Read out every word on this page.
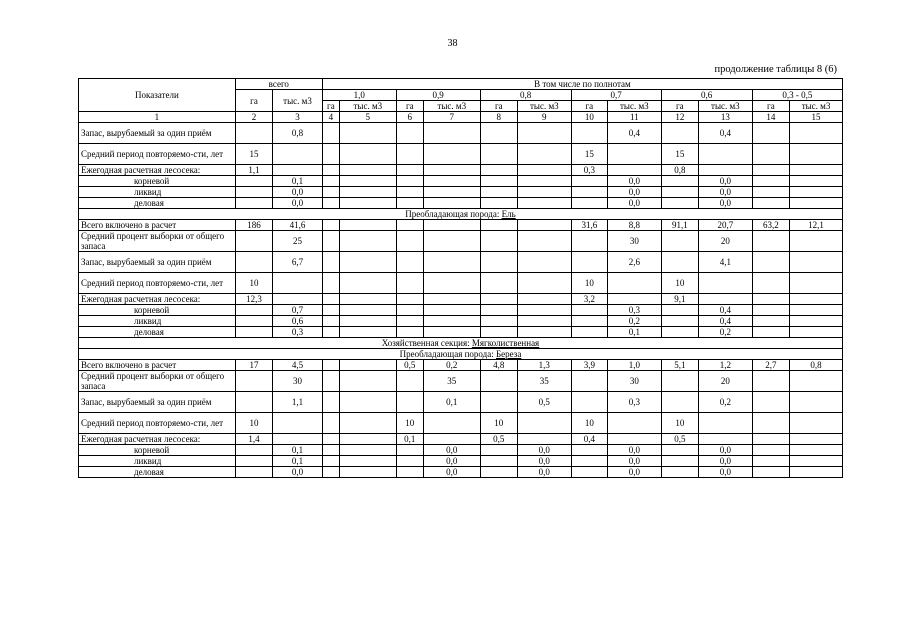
38
продолжение таблицы 8 (6)
Показатели	всего		В том числе по полнотам											
	га	тыс. м3	1,0		0,9		0,8		0,7		0,6		0,3 - 0,5	
			га	тыс. м3	га	тыс. м3	га	тыс. м3	га	тыс. м3	га	тыс. м3	га	тыс. м3
1	2	3	4	5	6	7	8	9	10	11	12	13	14	15
Запас, вырубаемый за один приём		0,8								0,4		0,4		
Средний период повторяемо-сти, лет	15								15		15			
Ежегодная расчетная лесосека:	1,1								0,3		0,8			
корневой		0,1								0,0		0,0		
ликвид		0,0								0,0		0,0		
деловая		0,0								0,0		0,0		
Преобладающая порода: Ель														
Всего включено в расчет	186	41,6							31,6	8,8	91,1	20,7	63,2	12,1
Средний процент выборки от общего запаса		25								30		20		
Запас, вырубаемый за один приём		6,7								2,6		4,1		
Средний период повторяемо-сти, лет	10								10		10			
Ежегодная расчетная лесосека:	12,3								3,2		9,1			
корневой		0,7								0,3		0,4		
ликвид		0,6								0,2		0,4		
деловая		0,3								0,1		0,2		
Хозяйственная секция: Мягколиственная														
Преобладающая порода: Береза														
Всего включено в расчет	17	4,5			0,5	0,2	4,8	1,3	3,9	1,0	5,1	1,2	2,7	0,8
Средний процент выборки от общего запаса		30				35		35		30		20		
Запас, вырубаемый за один приём		1,1				0,1		0,5		0,3		0,2		
Средний период повторяемо-сти, лет	10				10		10		10		10			
Ежегодная расчетная лесосека:	1,4				0,1		0,5		0,4		0,5			
корневой		0,1				0,0		0,0		0,0		0,0		
ликвид		0,1				0,0		0,0		0,0		0,0		
деловая		0,0				0,0		0,0		0,0		0,0		
